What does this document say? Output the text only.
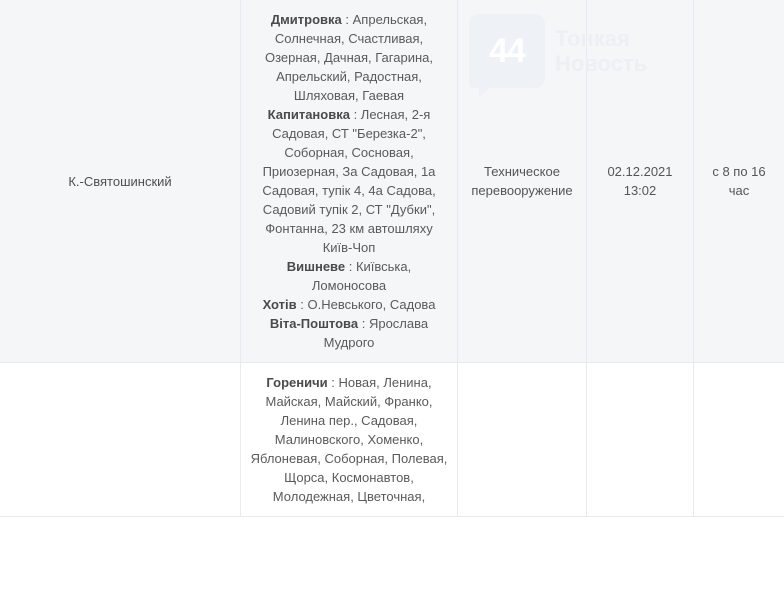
44 Тонкая
Новость
К.-Святошинский	Дмитровка : Апрельская, Солнечная, Счастливая, Озерная, Дачная, Гагарина, Апрельский, Радостная, Шляховая, Гаевая
Капитановка : Лесная, 2-я Садовая, СТ "Березка-2", Соборная, Сосновая, Приозерная, За Садовая, 1а Садовая, тупік 4, 4а Садова, Садовий тупік 2, СТ "Дубки", Фонтанна, 23 км автошляху Київ-Чоп
Вишневе : Київська, Ломоносова
Хотів : О.Невського, Садова
Віта-Поштова : Ярослава Мудрого	Техническое перевооружение	02.12.2021
13:02	с 8 по 16 час
	Гореничи : Новая, Ленина, Майская, Майский, Франко, Ленина пер., Садовая, Малиновского, Хоменко, Яблоневая, Соборная, Полевая, Щорса, Космонавтов, Молодежная, Цветочная,			
